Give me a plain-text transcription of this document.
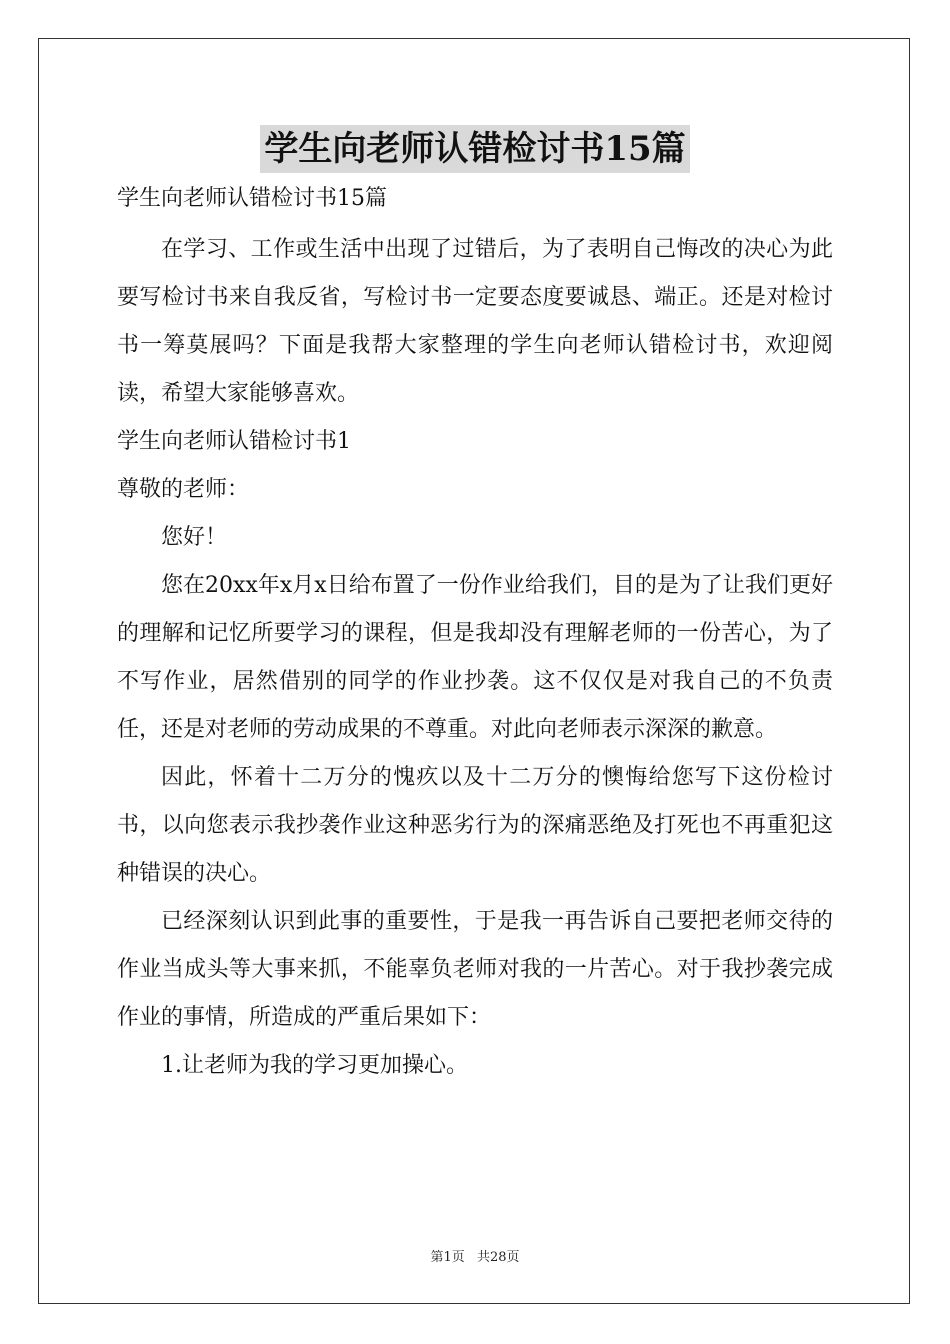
学生向老师认错检讨书15篇

学生向老师认错检讨书15篇

在学习、工作或生活中出现了过错后，为了表明自己悔改的决心为此要写检讨书来自我反省，写检讨书一定要态度要诚恳、端正。还是对检讨书一筹莫展吗？下面是我帮大家整理的学生向老师认错检讨书，欢迎阅读，希望大家能够喜欢。

学生向老师认错检讨书1

尊敬的老师：

您好！

您在20xx年x月x日给布置了一份作业给我们，目的是为了让我们更好的理解和记忆所要学习的课程，但是我却没有理解老师的一份苦心，为了不写作业，居然借别的同学的作业抄袭。这不仅仅是对我自己的不负责任，还是对老师的劳动成果的不尊重。对此向老师表示深深的歉意。

因此，怀着十二万分的愧疚以及十二万分的懊悔给您写下这份检讨书，以向您表示我抄袭作业这种恶劣行为的深痛恶绝及打死也不再重犯这种错误的决心。

已经深刻认识到此事的重要性，于是我一再告诉自己要把老师交待的作业当成头等大事来抓，不能辜负老师对我的一片苦心。对于我抄袭完成作业的事情，所造成的严重后果如下：

1.让老师为我的学习更加操心。

第1页 共28页
